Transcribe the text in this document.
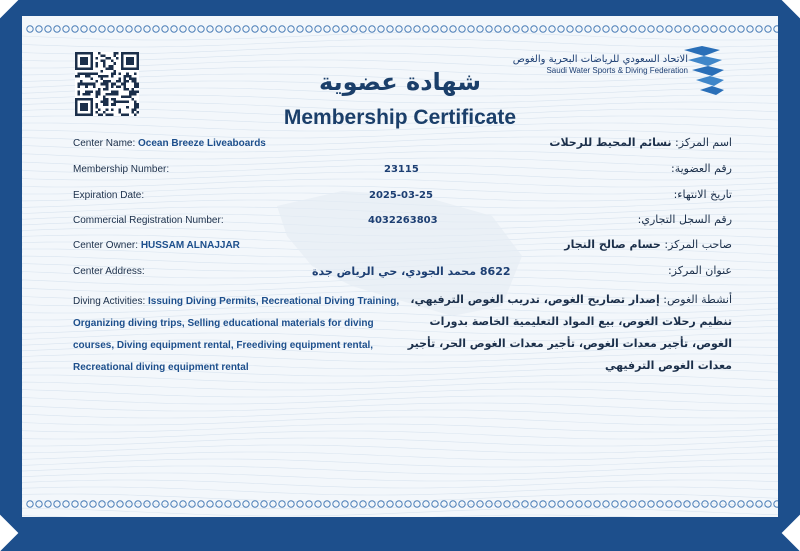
الاتحاد السعودي للرياضات البحرية والغوص
Saudi Water Sports & Diving Federation
شهادة عضوية
Membership Certificate
Center Name: Ocean Breeze Liveaboards	اسم المركز: نسائم المحيط للرحلات
Membership Number:	23115	رقم العضوية:
Expiration Date:	2025-03-25	تاريخ الانتهاء:
Commercial Registration Number:	4032263803	رقم السجل التجاري:
Center Owner: HUSSAM ALNAJJAR	صاحب المركز: حسام صالح النجار
Center Address:	8622 محمد الجودي، حي الرياض جدة	عنوان المركز:
Diving Activities: Issuing Diving Permits, Recreational Diving Training, Organizing diving trips, Selling educational materials for diving courses, Diving equipment rental, Freediving equipment rental, Recreational diving equipment rental
أنشطة الغوص: إصدار تصاريح الغوص، تدريب الغوص الترفيهي، تنظيم رحلات الغوص، بيع المواد التعليمية الخاصة بدورات الغوص، تأجير معدات الغوص، تأجير معدات الغوص الحر، تأجير معدات الغوص الترفيهي
